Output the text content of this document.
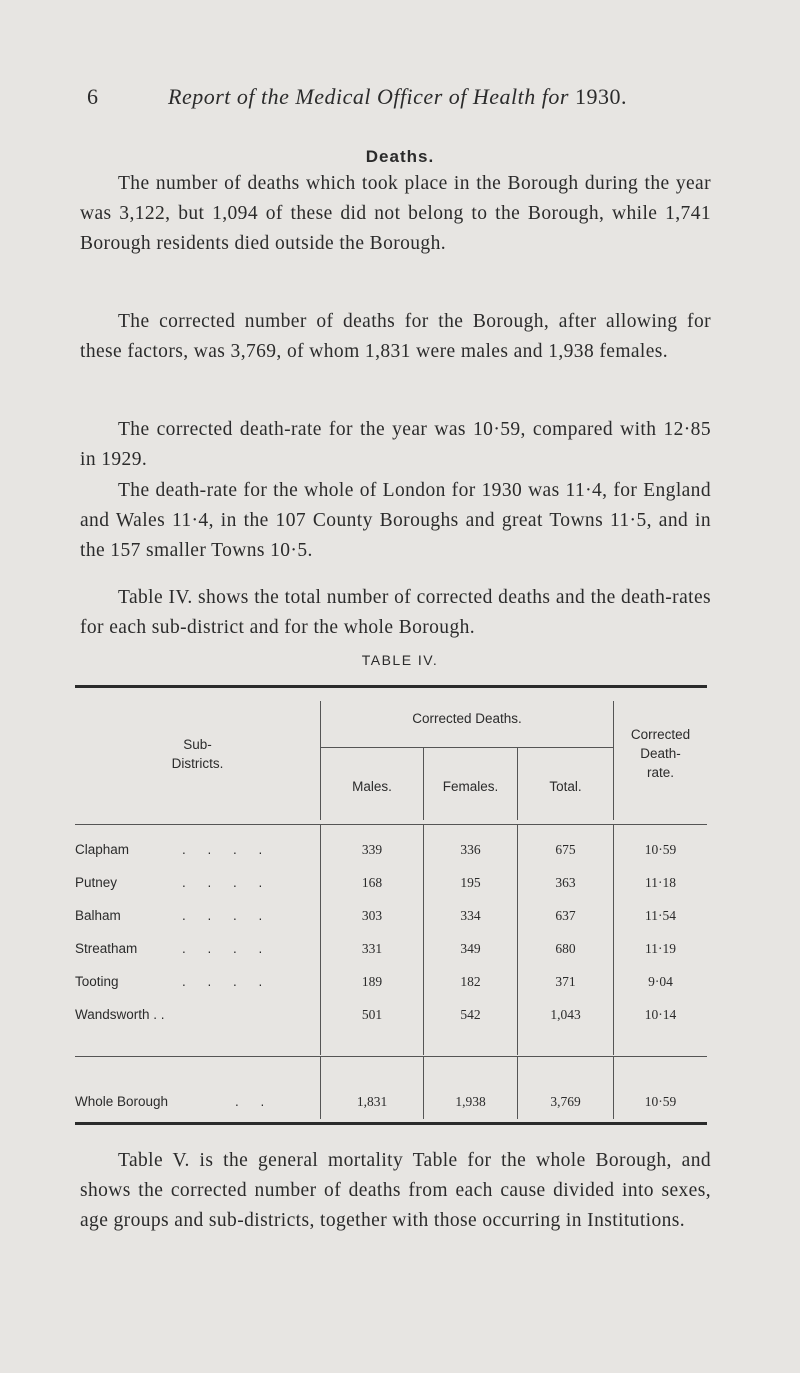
6	Report of the Medical Officer of Health for 1930.
Deaths.

The number of deaths which took place in the Borough during the year was 3,122, but 1,094 of these did not belong to the Borough, while 1,741 Borough residents died outside the Borough.

The corrected number of deaths for the Borough, after allowing for these factors, was 3,769, of whom 1,831 were males and 1,938 females.

The corrected death-rate for the year was 10·59, compared with 12·85 in 1929.

The death-rate for the whole of London for 1930 was 11·4, for England and Wales 11·4, in the 107 County Boroughs and great Towns 11·5, and in the 157 smaller Towns 10·5.

Table IV. shows the total number of corrected deaths and the death-rates for each sub-district and for the whole Borough.

TABLE IV.
Sub-
Districts.
Corrected Deaths.
Males.	Females.	Total.
Corrected
Death-
rate.
Clapham	. . . .	339	336	675	10·59
Putney	. . . .	168	195	363	11·18
Balham	. . . .	303	334	637	11·54
Streatham	. . . .	331	349	680	11·19
Tooting	. . . .	189	182	371	9·04
Wandsworth . .	501	542	1,043	10·14
Whole Borough	. .	1,831	1,938	3,769	10·59

Table V. is the general mortality Table for the whole Borough, and shows the corrected number of deaths from each cause divided into sexes, age groups and sub-districts, together with those occurring in Institutions.
